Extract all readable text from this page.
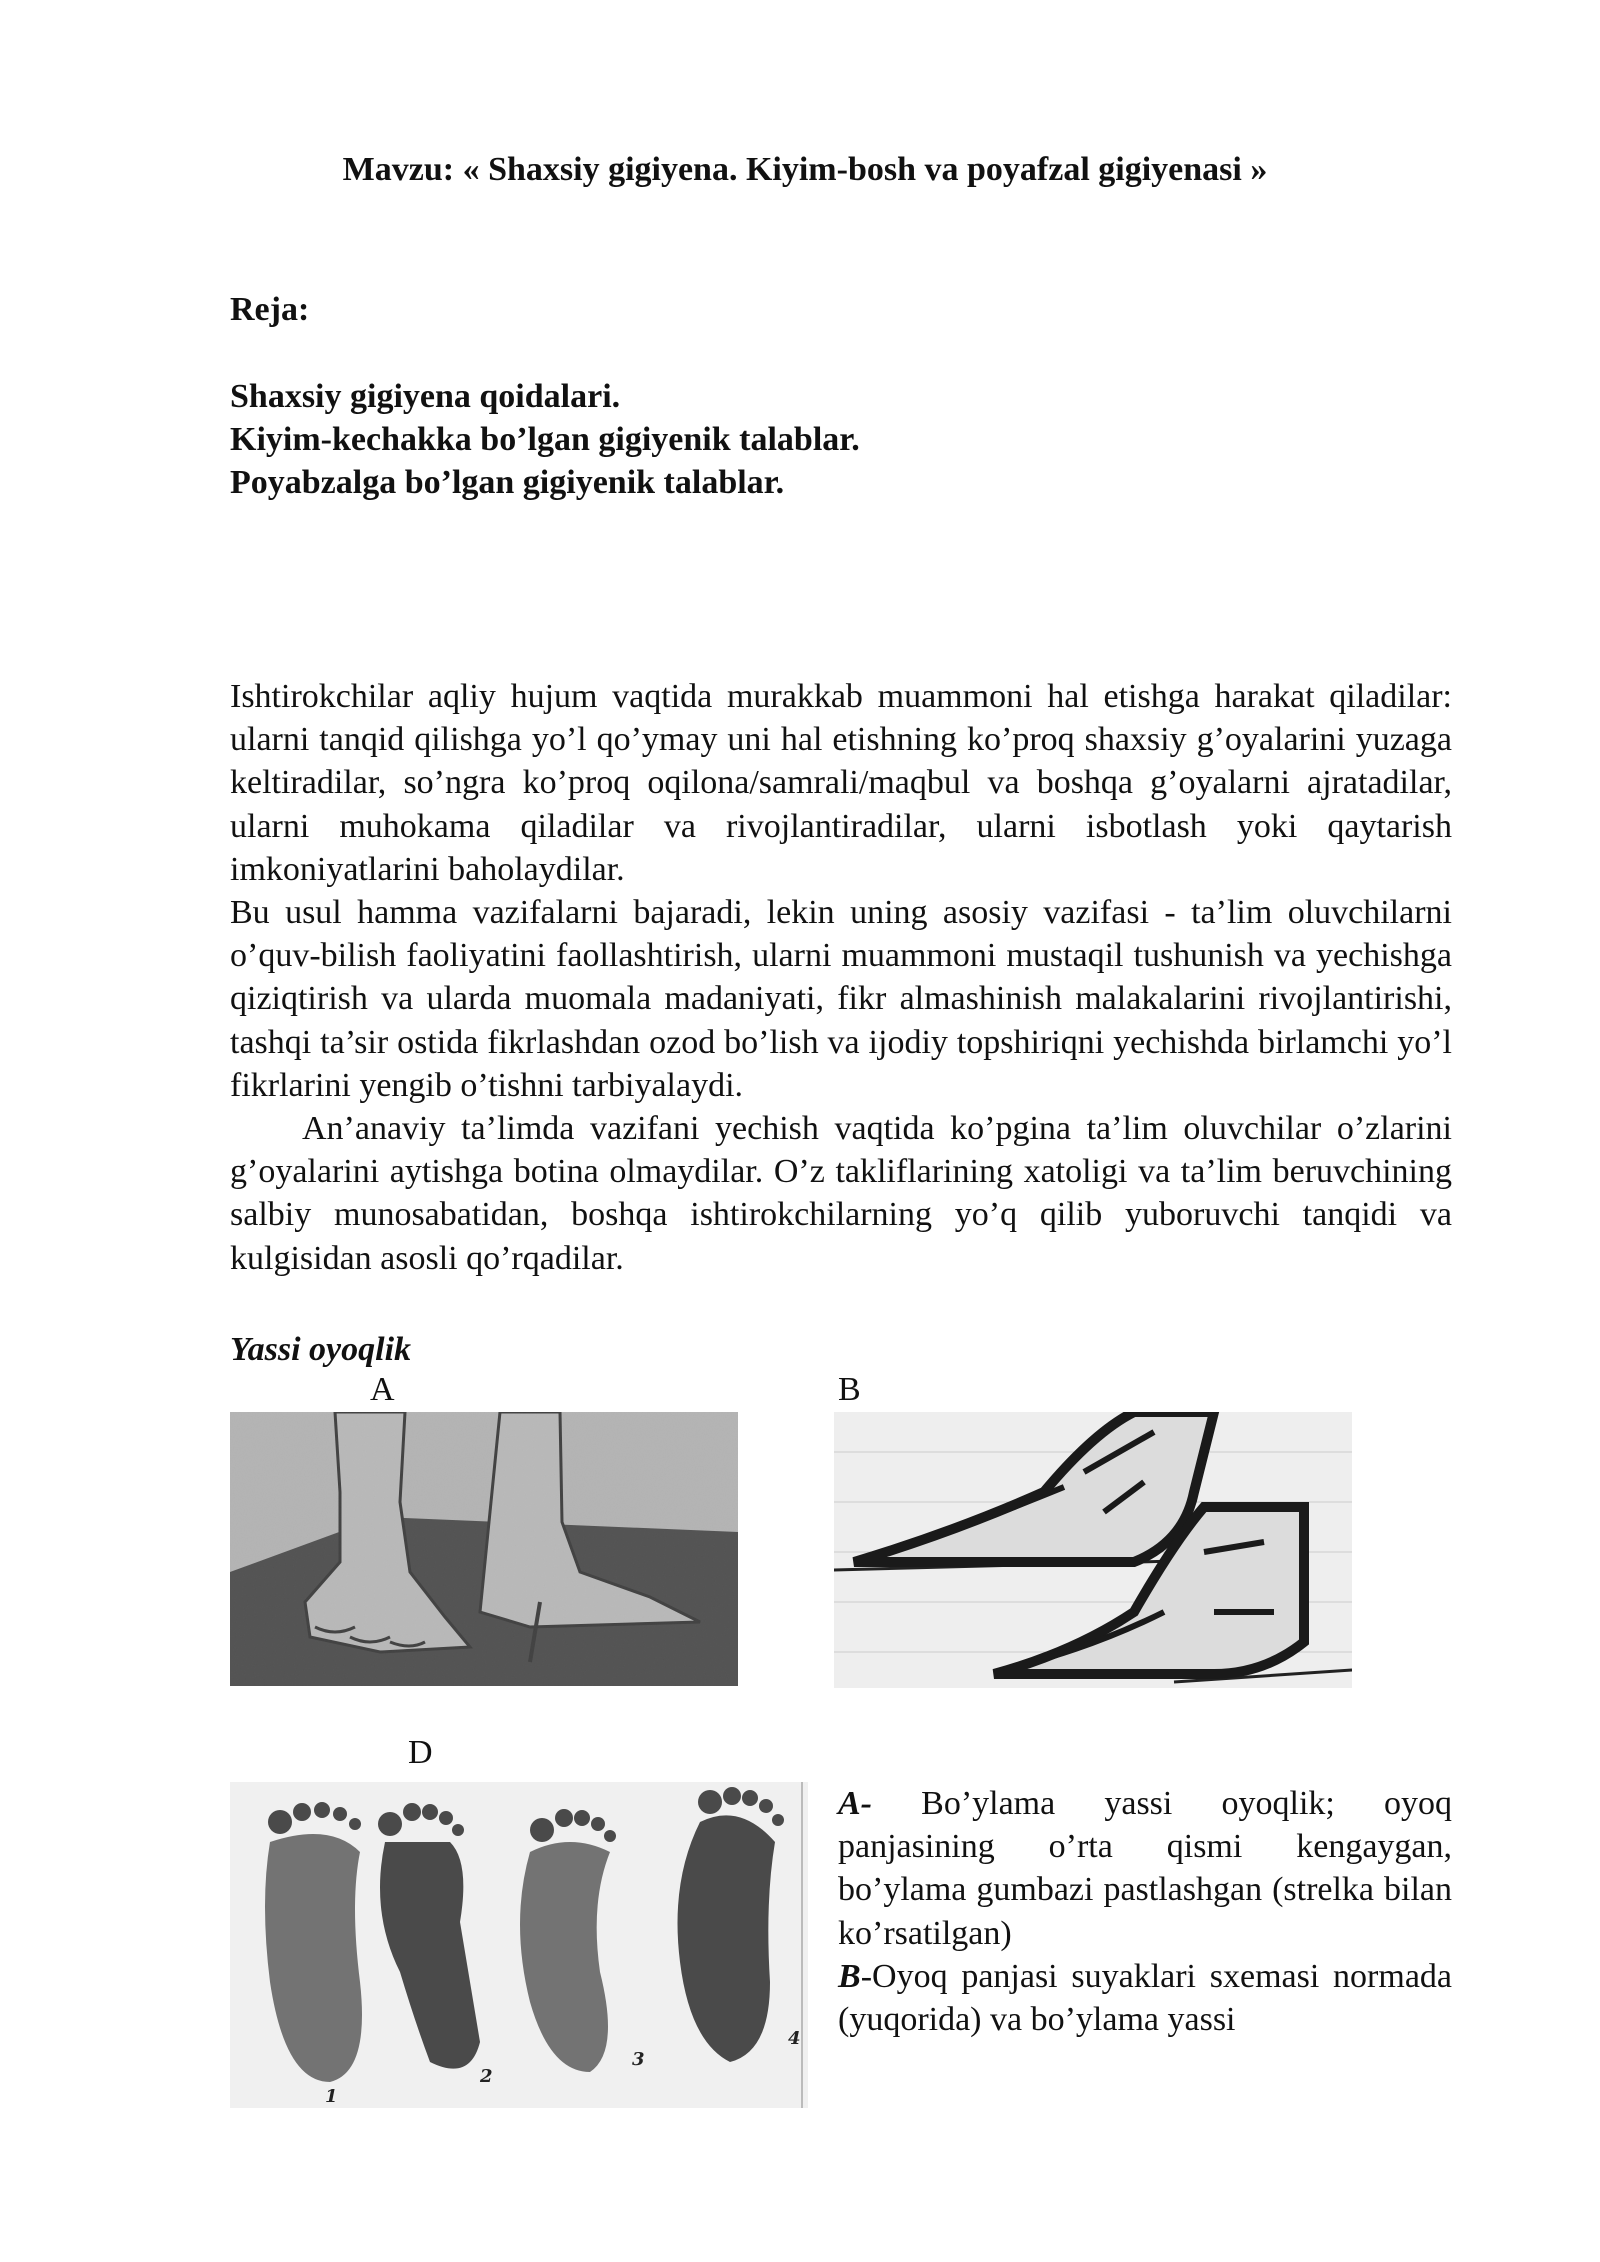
Mavzu: « Shaxsiy gigiyena. Kiyim-bosh va poyafzal gigiyenasi »
Reja:
Shaxsiy gigiyena qoidalari.
Kiyim-kechakka bo’lgan gigiyenik talablar.
Poyabzalga bo’lgan gigiyenik talablar.

Ishtirokchilar aqliy hujum vaqtida murakkab muammoni hal etishga harakat qiladilar: ularni tanqid qilishga yo’l qo’ymay uni hal etishning ko’proq shaxsiy g’oyalarini yuzaga keltiradilar, so’ngra ko’proq oqilona/samrali/maqbul va boshqa g’oyalarni ajratadilar, ularni muhokama qiladilar va rivojlantiradilar, ularni isbotlash yoki qaytarish imkoniyatlarini baholaydilar.

Bu usul hamma vazifalarni bajaradi, lekin uning asosiy vazifasi - ta’lim oluvchilarni o’quv-bilish faoliyatini faollashtirish, ularni muammoni mustaqil tushunish va yechishga qiziqtirish va ularda muomala madaniyati, fikr almashinish malakalarini rivojlantirishi, tashqi ta’sir ostida fikrlashdan ozod bo’lish va ijodiy topshiriqni yechishda birlamchi yo’l fikrlarini yengib o’tishni tarbiyalaydi.

An’anaviy ta’limda vazifani yechish vaqtida ko’pgina ta’lim oluvchilar o’zlarini g’oyalarini aytishga botina olmaydilar. O’z takliflarining xatoligi va ta’lim beruvchining salbiy munosabatidan, boshqa ishtirokchilarning yo’q qilib yuboruvchi tanqidi va kulgisidan asosli qo’rqadilar.

Yassi oyoqlik
A	B
D
1
2
3
4

A- Bo’ylama yassi oyoqlik; oyoq panjasining o’rta qismi kengaygan, bo’ylama gumbazi pastlashgan (strelka bilan ko’rsatilgan)

B-Oyoq panjasi suyaklari sxemasi normada (yuqorida) va bo’ylama yassi
